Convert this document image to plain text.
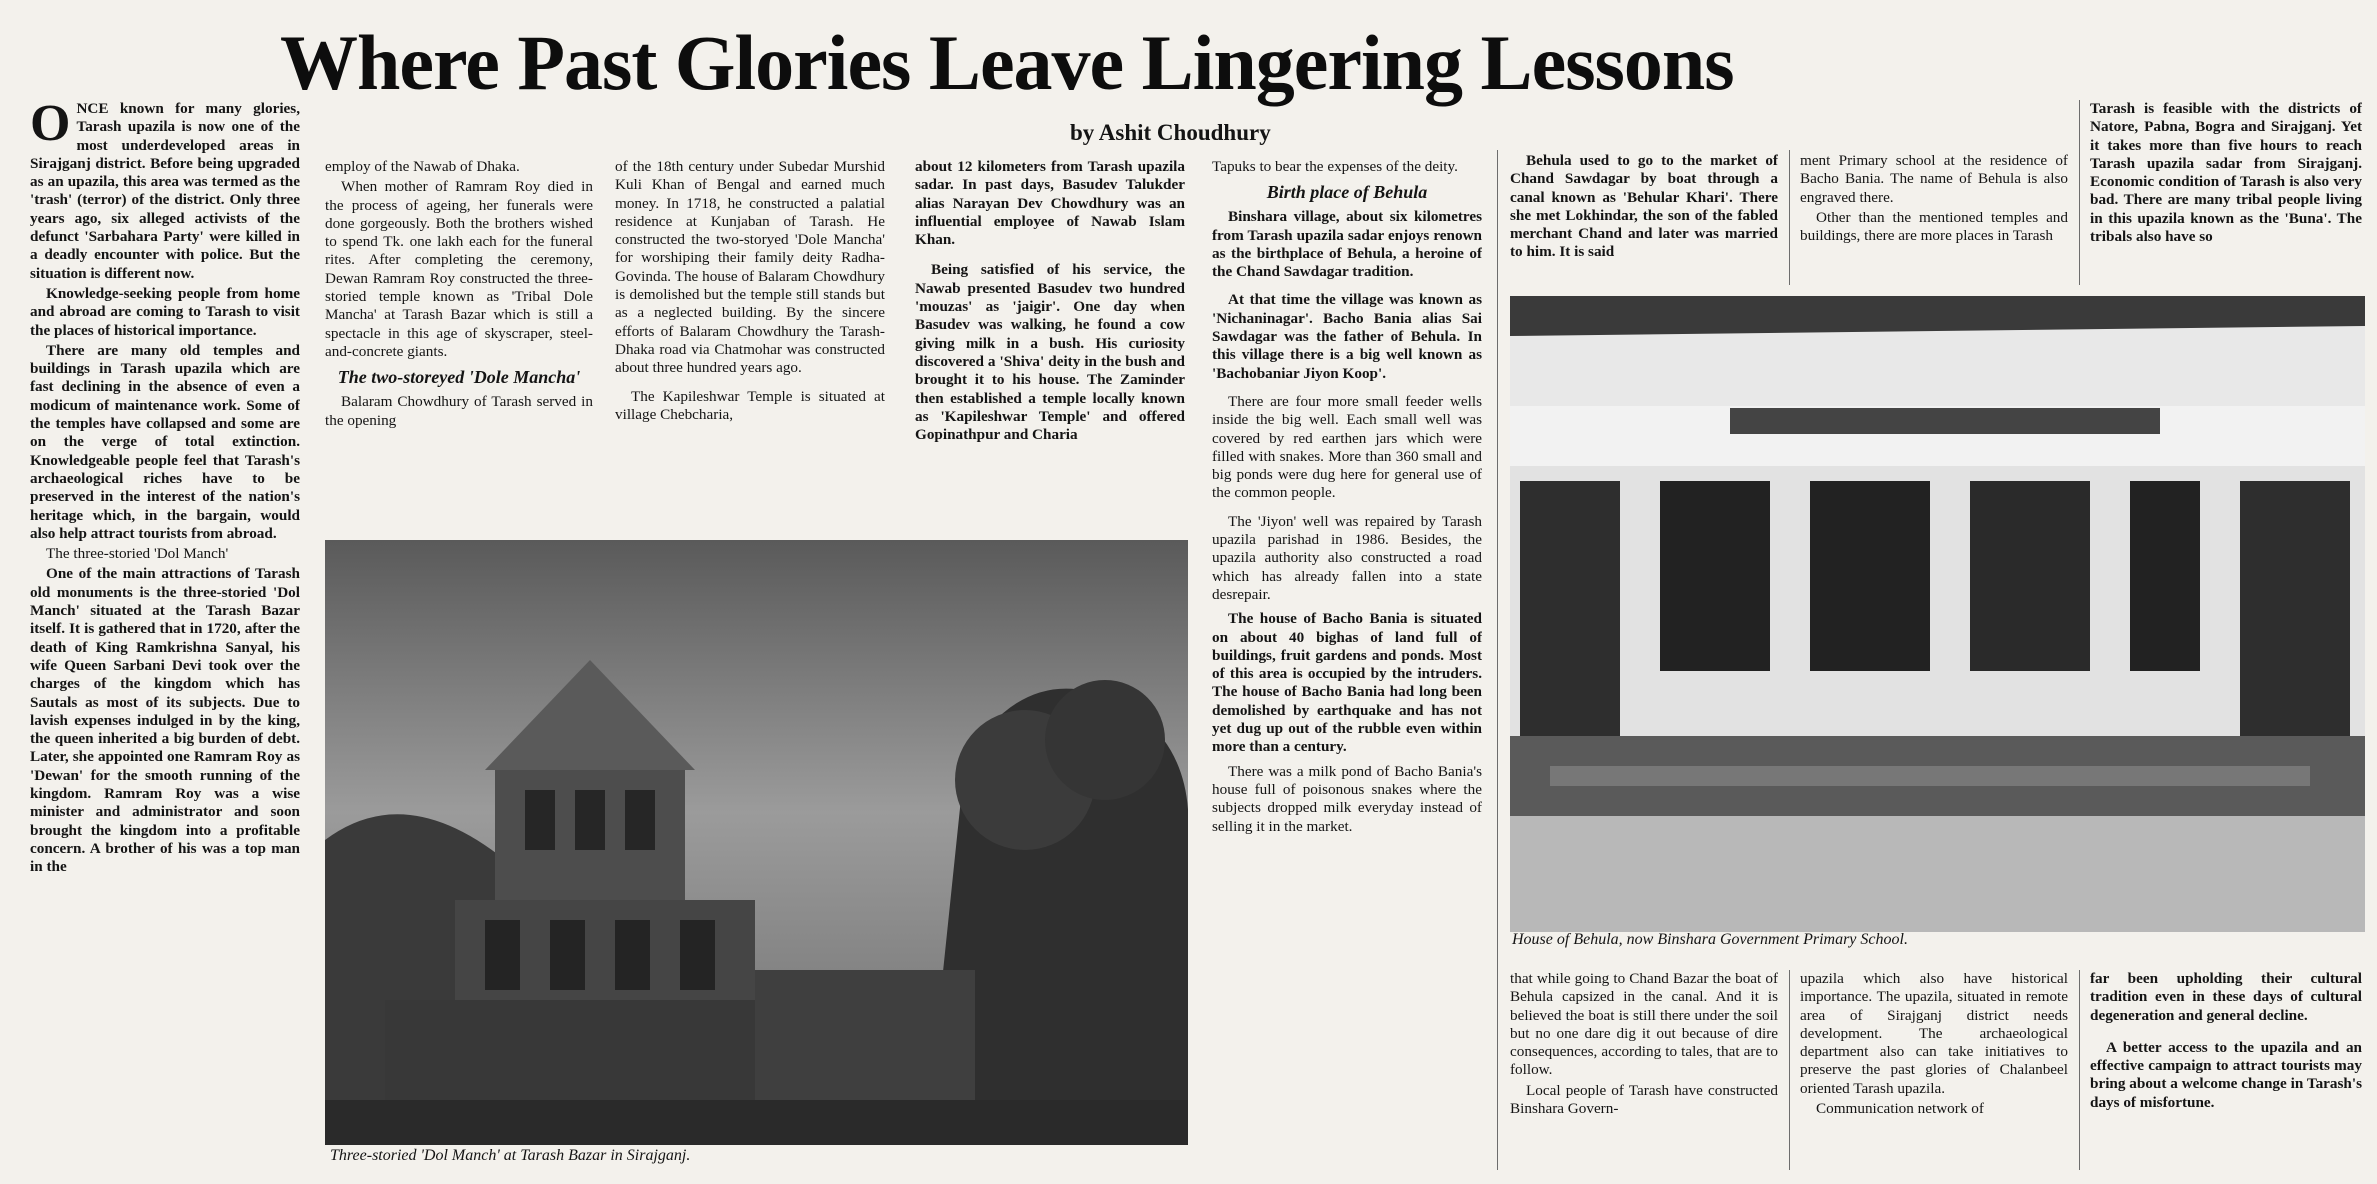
Where Past Glories Leave Lingering Lessons
by Ashit Choudhury

ONCE known for many glories, Tarash upazila is now one of the most underdeveloped areas in Sirajganj district. Before being upgraded as an upazila, this area was termed as the 'trash' (terror) of the district. Only three years ago, six alleged activists of the defunct 'Sarbahara Party' were killed in a deadly encounter with police. But the situation is different now.

Knowledge-seeking people from home and abroad are coming to Tarash to visit the places of historical importance.

There are many old temples and buildings in Tarash upazila which are fast declining in the absence of even a modicum of maintenance work. Some of the temples have collapsed and some are on the verge of total extinction. Knowledgeable people feel that Tarash's archaeological riches have to be preserved in the interest of the nation's heritage which, in the bargain, would also help attract tourists from abroad.

The three-storied 'Dol Manch'

One of the main attractions of Tarash old monuments is the three-storied 'Dol Manch' situated at the Tarash Bazar itself. It is gathered that in 1720, after the death of King Ramkrishna Sanyal, his wife Queen Sarbani Devi took over the charges of the kingdom which has Sautals as most of its subjects. Due to lavish expenses indulged in by the king, the queen inherited a big burden of debt. Later, she appointed one Ramram Roy as 'Dewan' for the smooth running of the kingdom. Ramram Roy was a wise minister and administrator and soon brought the kingdom into a profitable concern. A brother of his was a top man in the

employ of the Nawab of Dhaka.

When mother of Ramram Roy died in the process of ageing, her funerals were done gorgeously. Both the brothers wished to spend Tk. one lakh each for the funeral rites. After completing the ceremony, Dewan Ramram Roy constructed the three-storied temple known as 'Tribal Dole Mancha' at Tarash Bazar which is still a spectacle in this age of skyscraper, steel-and-concrete giants.

The two-storeyed 'Dole Mancha'

Balaram Chowdhury of Tarash served in the opening

of the 18th century under Subedar Murshid Kuli Khan of Bengal and earned much money. In 1718, he constructed a palatial residence at Kunjaban of Tarash. He constructed the two-storyed 'Dole Mancha' for worshiping their family deity Radha-Govinda. The house of Balaram Chowdhury is demolished but the temple still stands but as a neglected building. By the sincere efforts of Balaram Chowdhury the Tarash-Dhaka road via Chatmohar was constructed about three hundred years ago.

The Kapileshwar Temple is situated at village Chebcharia,

about 12 kilometers from Tarash upazila sadar. In past days, Basudev Talukder alias Narayan Dev Chowdhury was an influential employee of Nawab Islam Khan.

Being satisfied of his service, the Nawab presented Basudev two hundred 'mouzas' as 'jaigir'. One day when Basudev was walking, he found a cow giving milk in a bush. His curiosity discovered a 'Shiva' deity in the bush and brought it to his house. The Zaminder then established a temple locally known as 'Kapileshwar Temple' and offered Gopinathpur and Charia

Tapuks to bear the expenses of the deity.

Birth place of Behula

Binshara village, about six kilometres from Tarash upazila sadar enjoys renown as the birthplace of Behula, a heroine of the Chand Sawdagar tradition.

At that time the village was known as 'Nichaninagar'. Bacho Bania alias Sai Sawdagar was the father of Behula. In this village there is a big well known as 'Bachobaniar Jiyon Koop'.

There are four more small feeder wells inside the big well. Each small well was covered by red earthen jars which were filled with snakes. More than 360 small and big ponds were dug here for general use of the common people.

The 'Jiyon' well was repaired by Tarash upazila parishad in 1986. Besides, the upazila authority also constructed a road which has already fallen into a state desrepair.

The house of Bacho Bania is situated on about 40 bighas of land full of buildings, fruit gardens and ponds. Most of this area is occupied by the intruders. The house of Bacho Bania had long been demolished by earthquake and has not yet dug up out of the rubble even within more than a century.

There was a milk pond of Bacho Bania's house full of poisonous snakes where the subjects dropped milk everyday instead of selling it in the market.

Behula used to go to the market of Chand Sawdagar by boat through a canal known as 'Behular Khari'. There she met Lokhindar, the son of the fabled merchant Chand and later was married to him. It is said

that while going to Chand Bazar the boat of Behula capsized in the canal. And it is believed the boat is still there under the soil but no one dare dig it out because of dire consequences, according to tales, that are to follow.

Local people of Tarash have constructed Binshara Govern-

ment Primary school at the residence of Bacho Bania. The name of Behula is also engraved there.

Other than the mentioned temples and buildings, there are more places in Tarash

upazila which also have historical importance. The upazila, situated in remote area of Sirajganj district needs development. The archaeological department also can take initiatives to preserve the past glories of Chalanbeel oriented Tarash upazila.

Communication network of

Tarash is feasible with the districts of Natore, Pabna, Bogra and Sirajganj. Yet it takes more than five hours to reach Tarash upazila sadar from Sirajganj. Economic condition of Tarash is also very bad. There are many tribal people living in this upazila known as the 'Buna'. The tribals also have so

far been upholding their cultural tradition even in these days of cultural degeneration and general decline.

A better access to the upazila and an effective campaign to attract tourists may bring about a welcome change in Tarash's days of misfortune.

Three-storied 'Dol Manch' at Tarash Bazar in Sirajganj.
House of Behula, now Binshara Government Primary School.
